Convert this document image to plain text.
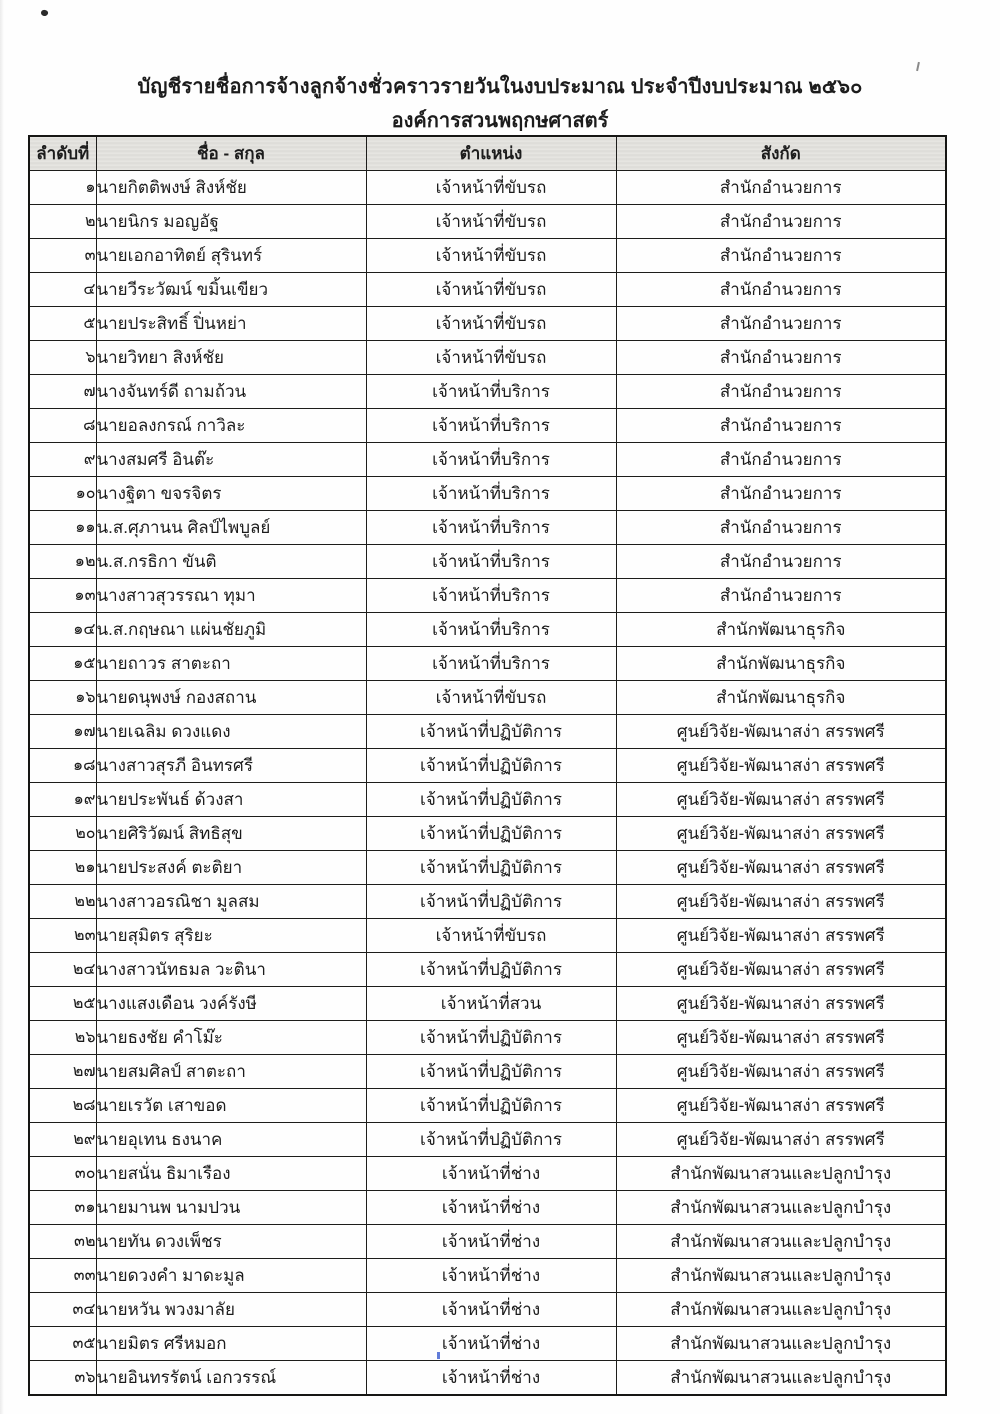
บัญชีรายชื่อการจ้างลูกจ้างชั่วคราวรายวันในงบประมาณ ประจำปีงบประมาณ ๒๕๖๐
องค์การสวนพฤกษศาสตร์
ลำดับที่	ชื่อ - สกุล	ตำแหน่ง	สังกัด
๑	นายกิตติพงษ์ สิงห์ชัย	เจ้าหน้าที่ขับรถ	สำนักอำนวยการ
๒	นายนิกร มอญอัฐ	เจ้าหน้าที่ขับรถ	สำนักอำนวยการ
๓	นายเอกอาทิตย์ สุรินทร์	เจ้าหน้าที่ขับรถ	สำนักอำนวยการ
๔	นายวีระวัฒน์ ขมิ้นเขียว	เจ้าหน้าที่ขับรถ	สำนักอำนวยการ
๕	นายประสิทธิ์ ปิ่นหย่า	เจ้าหน้าที่ขับรถ	สำนักอำนวยการ
๖	นายวิทยา สิงห์ชัย	เจ้าหน้าที่ขับรถ	สำนักอำนวยการ
๗	นางจันทร์ดี ถามถ้วน	เจ้าหน้าที่บริการ	สำนักอำนวยการ
๘	นายอลงกรณ์ กาวิละ	เจ้าหน้าที่บริการ	สำนักอำนวยการ
๙	นางสมศรี อินต๊ะ	เจ้าหน้าที่บริการ	สำนักอำนวยการ
๑๐	นางฐิตา ขจรจิตร	เจ้าหน้าที่บริการ	สำนักอำนวยการ
๑๑	น.ส.ศุภานน ศิลป์ไพบูลย์	เจ้าหน้าที่บริการ	สำนักอำนวยการ
๑๒	น.ส.กรธิกา ขันติ	เจ้าหน้าที่บริการ	สำนักอำนวยการ
๑๓	นางสาวสุวรรณา ทุมา	เจ้าหน้าที่บริการ	สำนักอำนวยการ
๑๔	น.ส.กฤษณา แผ่นชัยภูมิ	เจ้าหน้าที่บริการ	สำนักพัฒนาธุรกิจ
๑๕	นายถาวร สาตะถา	เจ้าหน้าที่บริการ	สำนักพัฒนาธุรกิจ
๑๖	นายดนุพงษ์ กองสถาน	เจ้าหน้าที่ขับรถ	สำนักพัฒนาธุรกิจ
๑๗	นายเฉลิม ดวงแดง	เจ้าหน้าที่ปฏิบัติการ	ศูนย์วิจัย-พัฒนาสง่า สรรพศรี
๑๘	นางสาวสุรภี อินทรศรี	เจ้าหน้าที่ปฏิบัติการ	ศูนย์วิจัย-พัฒนาสง่า สรรพศรี
๑๙	นายประพันธ์ ด้วงสา	เจ้าหน้าที่ปฏิบัติการ	ศูนย์วิจัย-พัฒนาสง่า สรรพศรี
๒๐	นายศิริวัฒน์ สิทธิสุข	เจ้าหน้าที่ปฏิบัติการ	ศูนย์วิจัย-พัฒนาสง่า สรรพศรี
๒๑	นายประสงค์ ตะติยา	เจ้าหน้าที่ปฏิบัติการ	ศูนย์วิจัย-พัฒนาสง่า สรรพศรี
๒๒	นางสาวอรณิชา มูลสม	เจ้าหน้าที่ปฏิบัติการ	ศูนย์วิจัย-พัฒนาสง่า สรรพศรี
๒๓	นายสุมิตร สุริยะ	เจ้าหน้าที่ขับรถ	ศูนย์วิจัย-พัฒนาสง่า สรรพศรี
๒๔	นางสาวนัทธมล วะตินา	เจ้าหน้าที่ปฏิบัติการ	ศูนย์วิจัย-พัฒนาสง่า สรรพศรี
๒๕	นางแสงเดือน วงค์รังษี	เจ้าหน้าที่สวน	ศูนย์วิจัย-พัฒนาสง่า สรรพศรี
๒๖	นายธงชัย คำโม๊ะ	เจ้าหน้าที่ปฏิบัติการ	ศูนย์วิจัย-พัฒนาสง่า สรรพศรี
๒๗	นายสมศิลป์ สาตะถา	เจ้าหน้าที่ปฏิบัติการ	ศูนย์วิจัย-พัฒนาสง่า สรรพศรี
๒๘	นายเรวัต เสาขอด	เจ้าหน้าที่ปฏิบัติการ	ศูนย์วิจัย-พัฒนาสง่า สรรพศรี
๒๙	นายอุเทน ธงนาค	เจ้าหน้าที่ปฏิบัติการ	ศูนย์วิจัย-พัฒนาสง่า สรรพศรี
๓๐	นายสนั่น ธิมาเรือง	เจ้าหน้าที่ช่าง	สำนักพัฒนาสวนและปลูกบำรุง
๓๑	นายมานพ นามปวน	เจ้าหน้าที่ช่าง	สำนักพัฒนาสวนและปลูกบำรุง
๓๒	นายทัน ดวงเพ็ชร	เจ้าหน้าที่ช่าง	สำนักพัฒนาสวนและปลูกบำรุง
๓๓	นายดวงคำ มาดะมูล	เจ้าหน้าที่ช่าง	สำนักพัฒนาสวนและปลูกบำรุง
๓๔	นายหวัน พวงมาลัย	เจ้าหน้าที่ช่าง	สำนักพัฒนาสวนและปลูกบำรุง
๓๕	นายมิตร ศรีหมอก	เจ้าหน้าที่ช่าง	สำนักพัฒนาสวนและปลูกบำรุง
๓๖	นายอินทรรัตน์ เอกวรรณ์	เจ้าหน้าที่ช่าง	สำนักพัฒนาสวนและปลูกบำรุง
